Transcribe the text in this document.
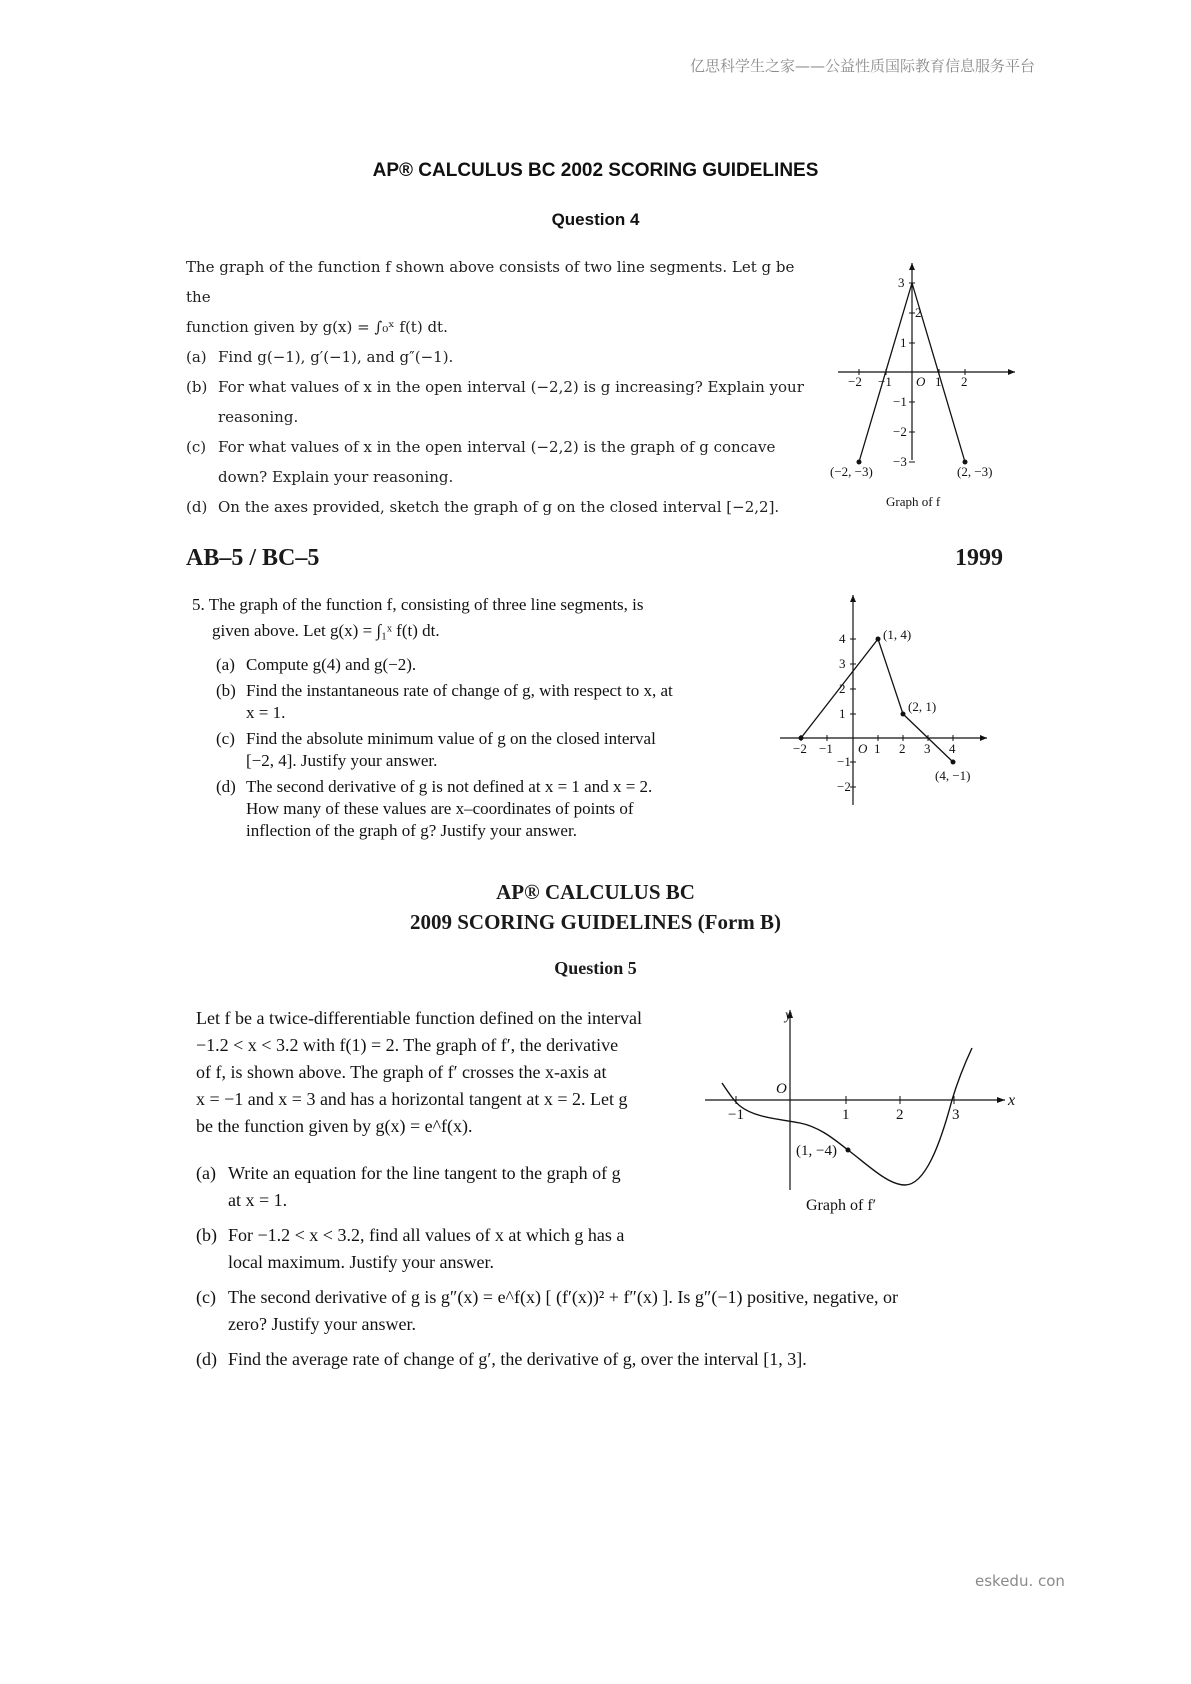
亿思科学生之家——公益性质国际教育信息服务平台
eskedu. con
AP® CALCULUS BC 2002 SCORING GUIDELINES
Question 4
The graph of the function f shown above consists of two line segments. Let g be the
function given by g(x) = ∫₀ˣ f(t) dt.
(a) Find g(−1), g′(−1), and g″(−1).
(b) For what values of x in the open interval (−2,2) is g increasing? Explain your
reasoning.
(c) For what values of x in the open interval (−2,2) is the graph of g concave
down? Explain your reasoning.
(d) On the axes provided, sketch the graph of g on the closed interval [−2,2].
−2 −1	1 2
3
2
1
−1
−2
−3
O
(−2, −3)	(2, −3)
Graph of f
AB–5 / BC–5	1999
5. The graph of the function f, consisting of three line segments, is
given above. Let g(x) = ∫₁ˣ f(t) dt.
(a) Compute g(4) and g(−2).
(b) Find the instantaneous rate of change of g, with respect to x, at
x = 1.
(c) Find the absolute minimum value of g on the closed interval
[−2, 4]. Justify your answer.
(d) The second derivative of g is not defined at x = 1 and x = 2.
How many of these values are x–coordinates of points of
inflection of the graph of g? Justify your answer.
−2 −1	1 2 3 4
4
3
2
1
−1
−2
O
(1, 4)
(2, 1)
(4, −1)
AP® CALCULUS BC
2009 SCORING GUIDELINES (Form B)
Question 5
Let f be a twice-differentiable function defined on the interval
−1.2 < x < 3.2 with f(1) = 2. The graph of f′, the derivative
of f, is shown above. The graph of f′ crosses the x-axis at
x = −1 and x = 3 and has a horizontal tangent at x = 2. Let g
be the function given by g(x) = e^f(x).
(a) Write an equation for the line tangent to the graph of g
at x = 1.
(b) For −1.2 < x < 3.2, find all values of x at which g has a
local maximum. Justify your answer.
(c) The second derivative of g is g″(x) = e^f(x) [ (f′(x))² + f″(x) ]. Is g″(−1) positive, negative, or
zero? Justify your answer.
(d) Find the average rate of change of g′, the derivative of g, over the interval [1, 3].
−1	1	2	3
O
x
y
(1, −4)
Graph of f′
